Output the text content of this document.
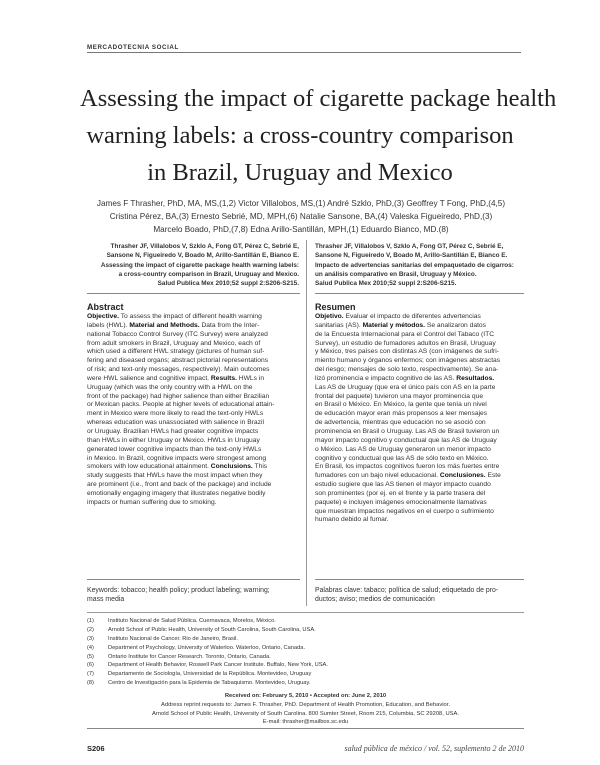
MERCADOTECNIA SOCIAL
Assessing the impact of cigarette package health
warning labels: a cross-country comparison
in Brazil, Uruguay and Mexico
James F Thrasher, PhD, MA, MS,(1,2) Victor Villalobos, MS,(1) André Szklo, PhD,(3) Geoffrey T Fong, PhD,(4,5)
Cristina Pérez, BA,(3) Ernesto Sebrié, MD, MPH,(6) Natalie Sansone, BA,(4) Valeska Figueiredo, PhD,(3)
Marcelo Boado, PhD,(7,8) Edna Arillo-Santillán, MPH,(1) Eduardo Bianco, MD.(8)
Thrasher JF, Villalobos V, Szklo A, Fong GT, Pérez C, Sebrié E,
Sansone N, Figueiredo V, Boado M, Arillo-Santillán E, Bianco E.
Assessing the impact of cigarette package health warning labels:
a cross-country comparison in Brazil, Uruguay and Mexico.
Salud Publica Mex 2010;52 suppl 2:S206-S215.
Thrasher JF, Villalobos V, Szklo A, Fong GT, Pérez C, Sebrié E,
Sansone N, Figueiredo V, Boado M, Arillo-Santillán E, Bianco E.
Impacto de advertencias sanitarias del empaquetado de cigarros:
un análisis comparativo en Brasil, Uruguay y México.
Salud Publica Mex 2010;52 suppl 2:S206-S215.
Abstract	Resumen
Objective. To assess the impact of different health warning
labels (HWL). Material and Methods. Data from the Inter-
national Tobacco Control Survey (ITC Survey) were analyzed
from adult smokers in Brazil, Uruguay and Mexico, each of
which used a different HWL strategy (pictures of human suf-
fering and diseased organs; abstract pictorial representations
of risk; and text-only messages, respectively). Main outcomes
were HWL salience and cognitive impact. Results. HWLs in
Uruguay (which was the only country with a HWL on the
front of the package) had higher salience than either Brazilian
or Mexican packs. People at higher levels of educational attain-
ment in Mexico were more likely to read the text-only HWLs
whereas education was unassociated with salience in Brazil
or Uruguay. Brazilian HWLs had greater cognitive impacts
than HWLs in either Uruguay or Mexico. HWLs in Uruguay
generated lower cognitive impacts than the text-only HWLs
in Mexico. In Brazil, cognitive impacts were strongest among
smokers with low educational attainment. Conclusions. This
study suggests that HWLs have the most impact when they
are prominent (i.e., front and back of the package) and include
emotionally engaging imagery that illustrates negative bodily
impacts or human suffering due to smoking.
Objetivo. Evaluar el impacto de diferentes advertencias
sanitarias (AS). Material y métodos. Se analizaron datos
de la Encuesta Internacional para el Control del Tabaco (ITC
Survey), un estudio de fumadores adultos en Brasil, Uruguay
y México, tres países con distintas AS (con imágenes de sufri-
miento humano y órganos enfermos; con imágenes abstractas
del riesgo; mensajes de solo texto, respectivamente). Se ana-
lizó prominencia e impacto cognitivo de las AS. Resultados.
Las AS de Uruguay (que era el único país con AS en la parte
frontal del paquete) tuvieron una mayor prominencia que
en Brasil o México. En México, la gente que tenía un nivel
de educación mayor eran más propensos a leer mensajes
de advertencia, mientras que educación no se asoció con
prominencia en Brasil o Uruguay. Las AS de Brasil tuvieron un
mayor impacto cognitivo y conductual que las AS de Uruguay
o México. Las AS de Uruguay generaron un menor impacto
cognitivo y conductual que las AS de sólo texto en México.
En Brasil, los impactos cognitivos fueron los más fuertes entre
fumadores con un bajo nivel educacional. Conclusiones. Este
estudio sugiere que las AS tienen el mayor impacto cuando
son prominentes (por ej. en el frente y la parte trasera del
paquete) e incluyen imágenes emocionalmente llamativas
que muestran impactos negativos en el cuerpo o sufrimiento
humano debido al fumar.
Keywords: tobacco; health policy; product labeling; warning;
mass media
Palabras clave: tabaco; política de salud; etiquetado de pro-
ductos; aviso; medios de comunicación
(1)	Instituto Nacional de Salud Pública. Cuernavaca, Morelos, México.
(2)	Arnold School of Public Health, University of South Carolina, South Carolina, USA.
(3)	Instituto Nacional de Cancer. Rio de Janeiro, Brasil.
(4)	Department of Psychology, University of Waterloo. Waterloo, Ontario, Canada.
(5)	Ontario Institute for Cancer Research. Toronto, Ontario, Canada.
(6)	Department of Health Behavior, Roswell Park Cancer Institute. Buffalo, New York, USA.
(7)	Departamento de Sociología, Universidad de la República. Montevideo, Uruguay
(8)	Centro de Investigación para la Epidemia de Tabaquismo. Montevideo, Uruguay.
Received on: February 5, 2010 • Accepted on: June 2, 2010
Address reprint requests to: James F. Thrasher, PhD. Department of Health Promotion, Education, and Behavior.
Arnold School of Public Health, University of South Carolina. 800 Sumter Street, Room 215, Columbia, SC 29208, USA.
E-mail: thrasher@mailbox.sc.edu
S206	salud pública de méxico / vol. 52, suplemento 2 de 2010
